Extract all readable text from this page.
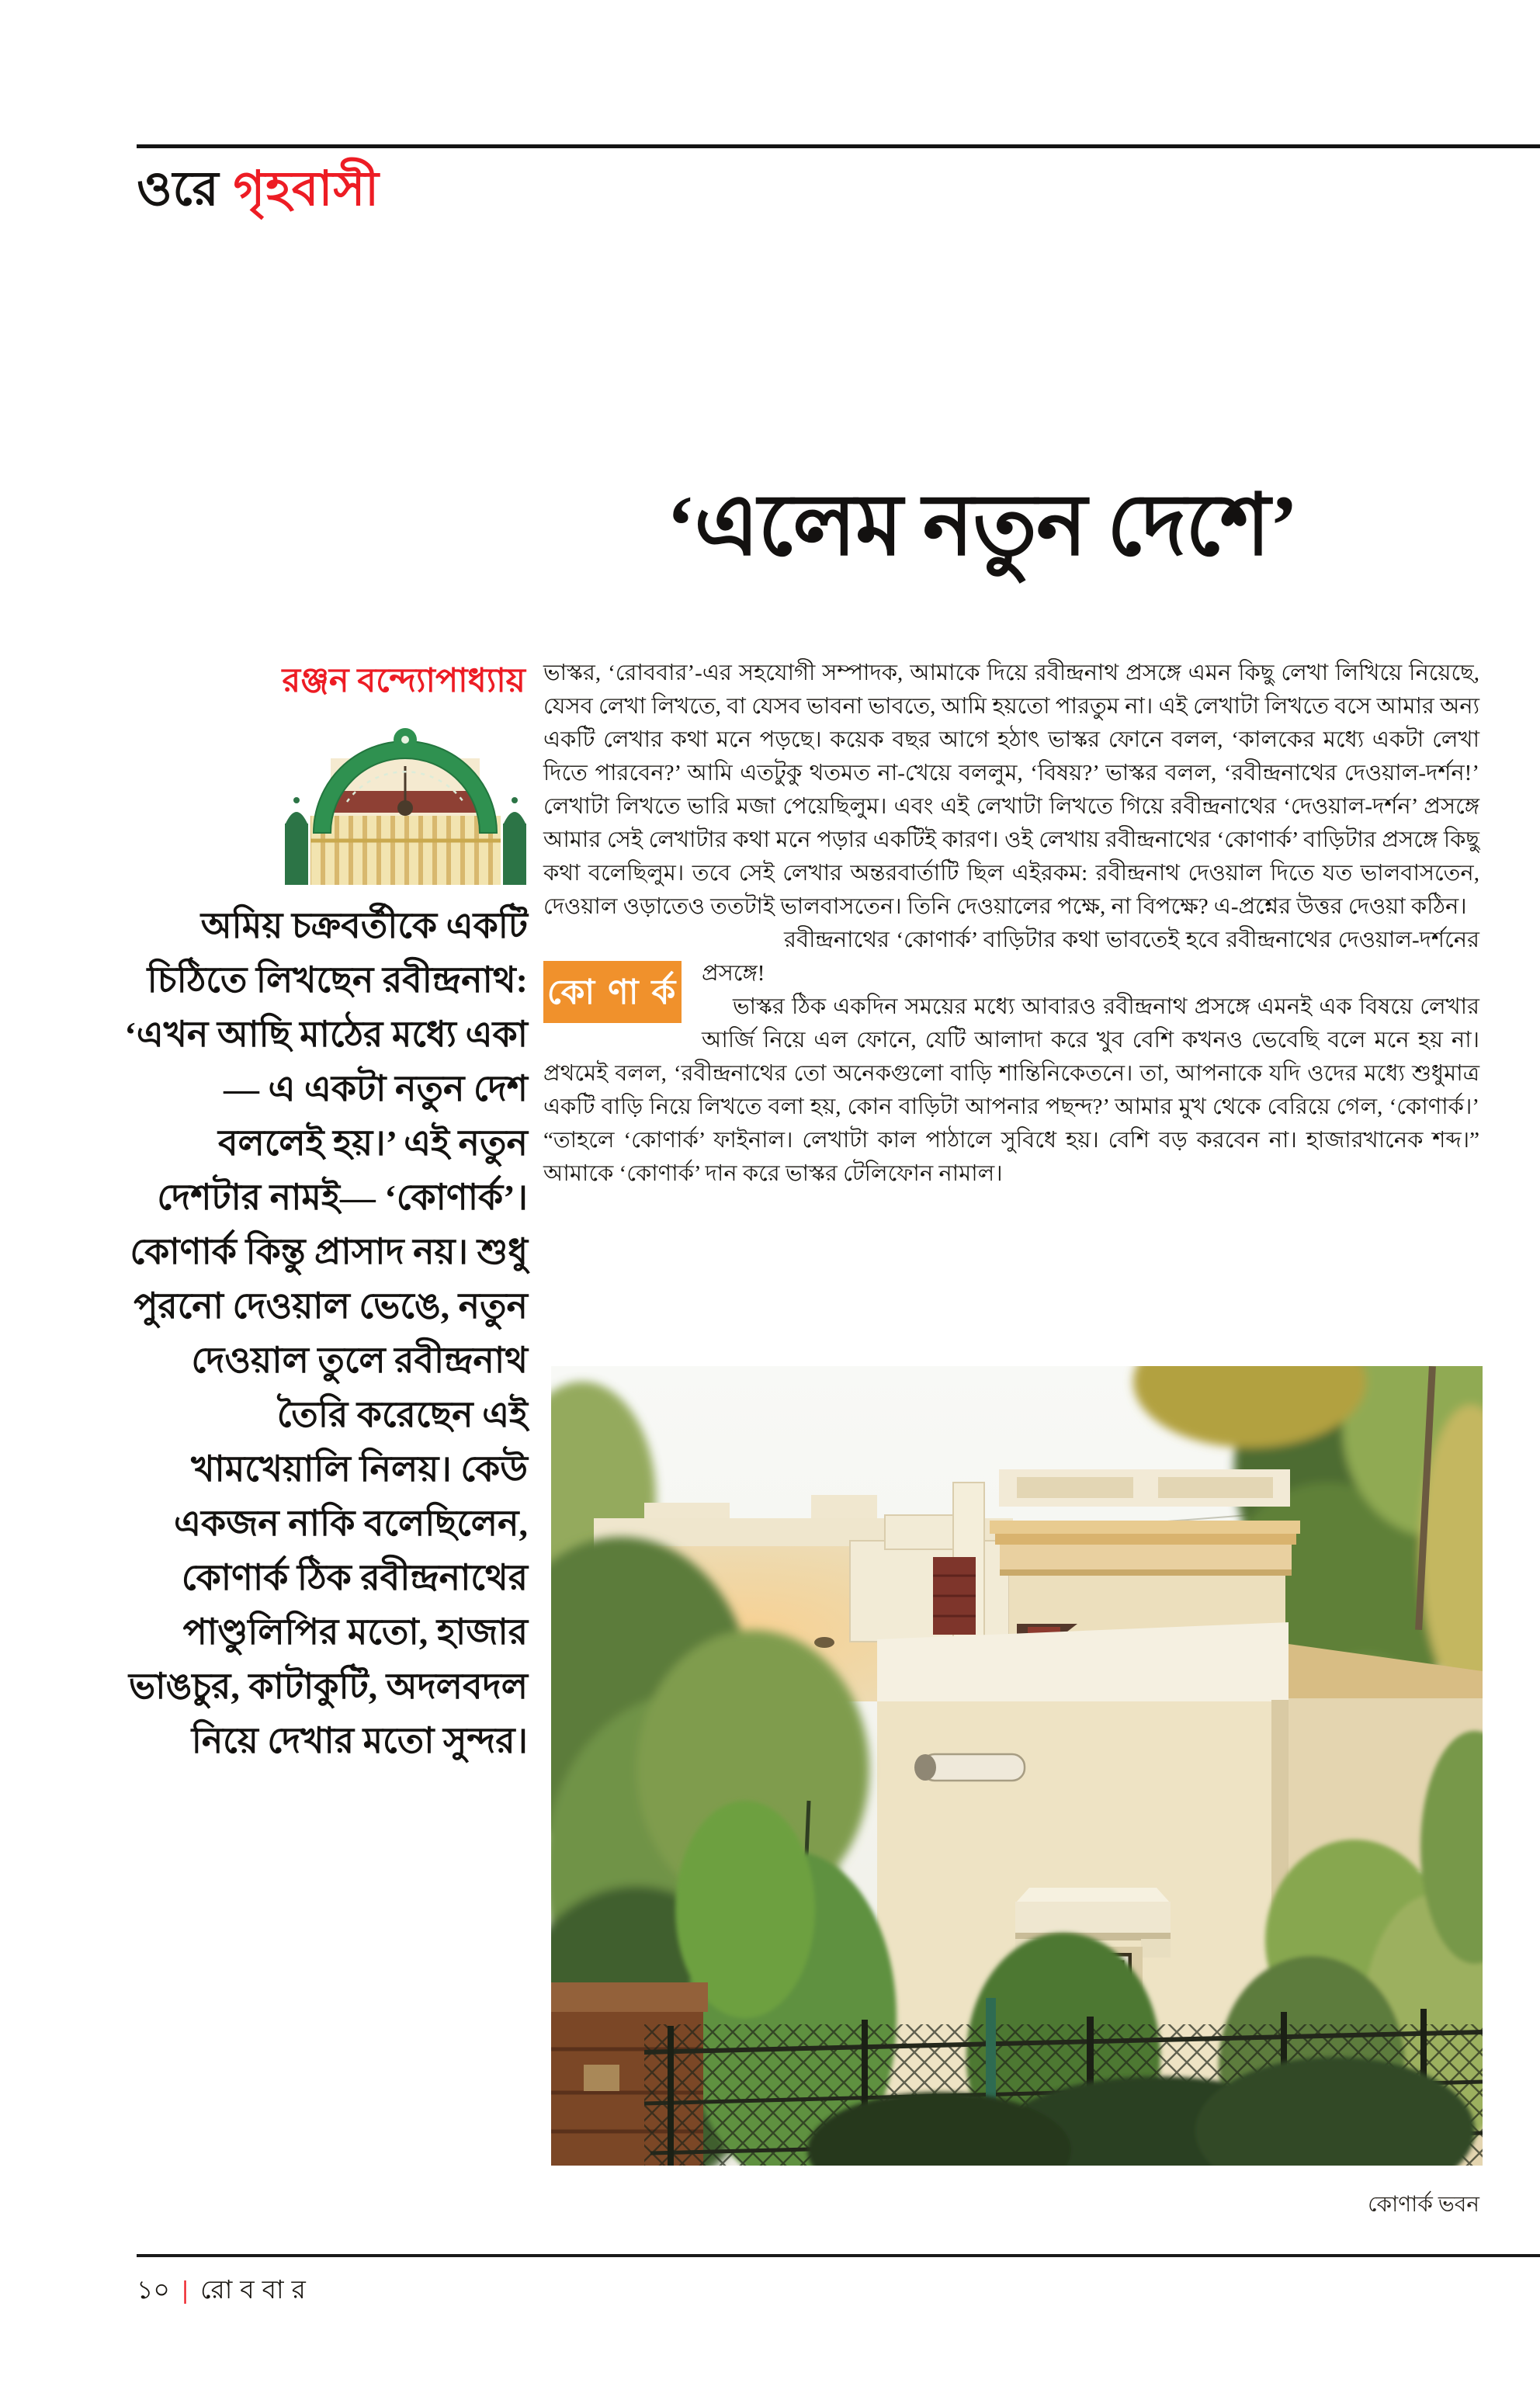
ওরে গৃহবাসী
‘এলেম নতুন দেশে’
রঞ্জন বন্দ্যোপাধ্যায়
অমিয় চক্রবর্তীকে একটি চিঠিতে লিখছেন রবীন্দ্রনাথ: ‘এখন আছি মাঠের মধ্যে একা— এ একটা নতুন দেশ বললেই হয়।’ এই নতুন দেশটার নামই— ‘কোণার্ক’। কোণার্ক কিন্তু প্রাসাদ নয়। শুধু পুরনো দেওয়াল ভেঙে, নতুন দেওয়াল তুলে রবীন্দ্রনাথ তৈরি করেছেন এই খামখেয়ালি নিলয়। কেউ একজন নাকি বলেছিলেন, কোণার্ক ঠিক রবীন্দ্রনাথের পাণ্ডুলিপির মতো, হাজার ভাঙচুর, কাটাকুটি, অদলবদল নিয়ে দেখার মতো সুন্দর।

ভাস্কর, ‘রোববার’-এর সহযোগী সম্পাদক, আমাকে দিয়ে রবীন্দ্রনাথ প্রসঙ্গে এমন কিছু লেখা লিখিয়ে নিয়েছে, যেসব লেখা লিখতে, বা যেসব ভাবনা ভাবতে, আমি হয়তো পারতুম না। এই লেখাটা লিখতে বসে আমার অন্য একটি লেখার কথা মনে পড়ছে। কয়েক বছর আগে হঠাৎ ভাস্কর ফোনে বলল, ‘কালকের মধ্যে একটা লেখা দিতে পারবেন?’ আমি এতটুকু থতমত না-খেয়ে বললুম, ‘বিষয়?’ ভাস্কর বলল, ‘রবীন্দ্রনাথের দেওয়াল-দর্শন!’ লেখাটা লিখতে ভারি মজা পেয়েছিলুম। এবং এই লেখাটা লিখতে গিয়ে রবীন্দ্রনাথের ‘দেওয়াল-দর্শন’ প্রসঙ্গে আমার সেই লেখাটার কথা মনে পড়ার একটিই কারণ। ওই লেখায় রবীন্দ্রনাথের ‘কোণার্ক’ বাড়িটার প্রসঙ্গে কিছু কথা বলেছিলুম। তবে সেই লেখার অন্তরবার্তাটি ছিল এইরকম: রবীন্দ্রনাথ দেওয়াল দিতে যত ভালবাসতেন, দেওয়াল ওড়াতেও ততটাই ভালবাসতেন। তিনি দেওয়ালের পক্ষে, না বিপক্ষে? এ-প্রশ্নের উত্তর দেওয়া কঠিন।

কো ণা র্ক

রবীন্দ্রনাথের ‘কোণার্ক’ বাড়িটার কথা ভাবতেই হবে রবীন্দ্রনাথের দেওয়াল-দর্শনের প্রসঙ্গে!

ভাস্কর ঠিক একদিন সময়ের মধ্যে আবারও রবীন্দ্রনাথ প্রসঙ্গে এমনই এক বিষয়ে লেখার আর্জি নিয়ে এল ফোনে, যেটি আলাদা করে খুব বেশি কখনও ভেবেছি বলে মনে হয় না। প্রথমেই বলল, ‘রবীন্দ্রনাথের তো অনেকগুলো বাড়ি শান্তিনিকেতনে। তা, আপনাকে যদি ওদের মধ্যে শুধুমাত্র একটি বাড়ি নিয়ে লিখতে বলা হয়, কোন বাড়িটা আপনার পছন্দ?’ আমার মুখ থেকে বেরিয়ে গেল, ‘কোণার্ক।’ “তাহলে ‘কোণার্ক’ ফাইনাল। লেখাটা কাল পাঠালে সুবিধে হয়। বেশি বড় করবেন না। হাজারখানেক শব্দ।” আমাকে ‘কোণার্ক’ দান করে ভাস্কর টেলিফোন নামাল।

কোণার্ক ভবন
১০ | রোববার
